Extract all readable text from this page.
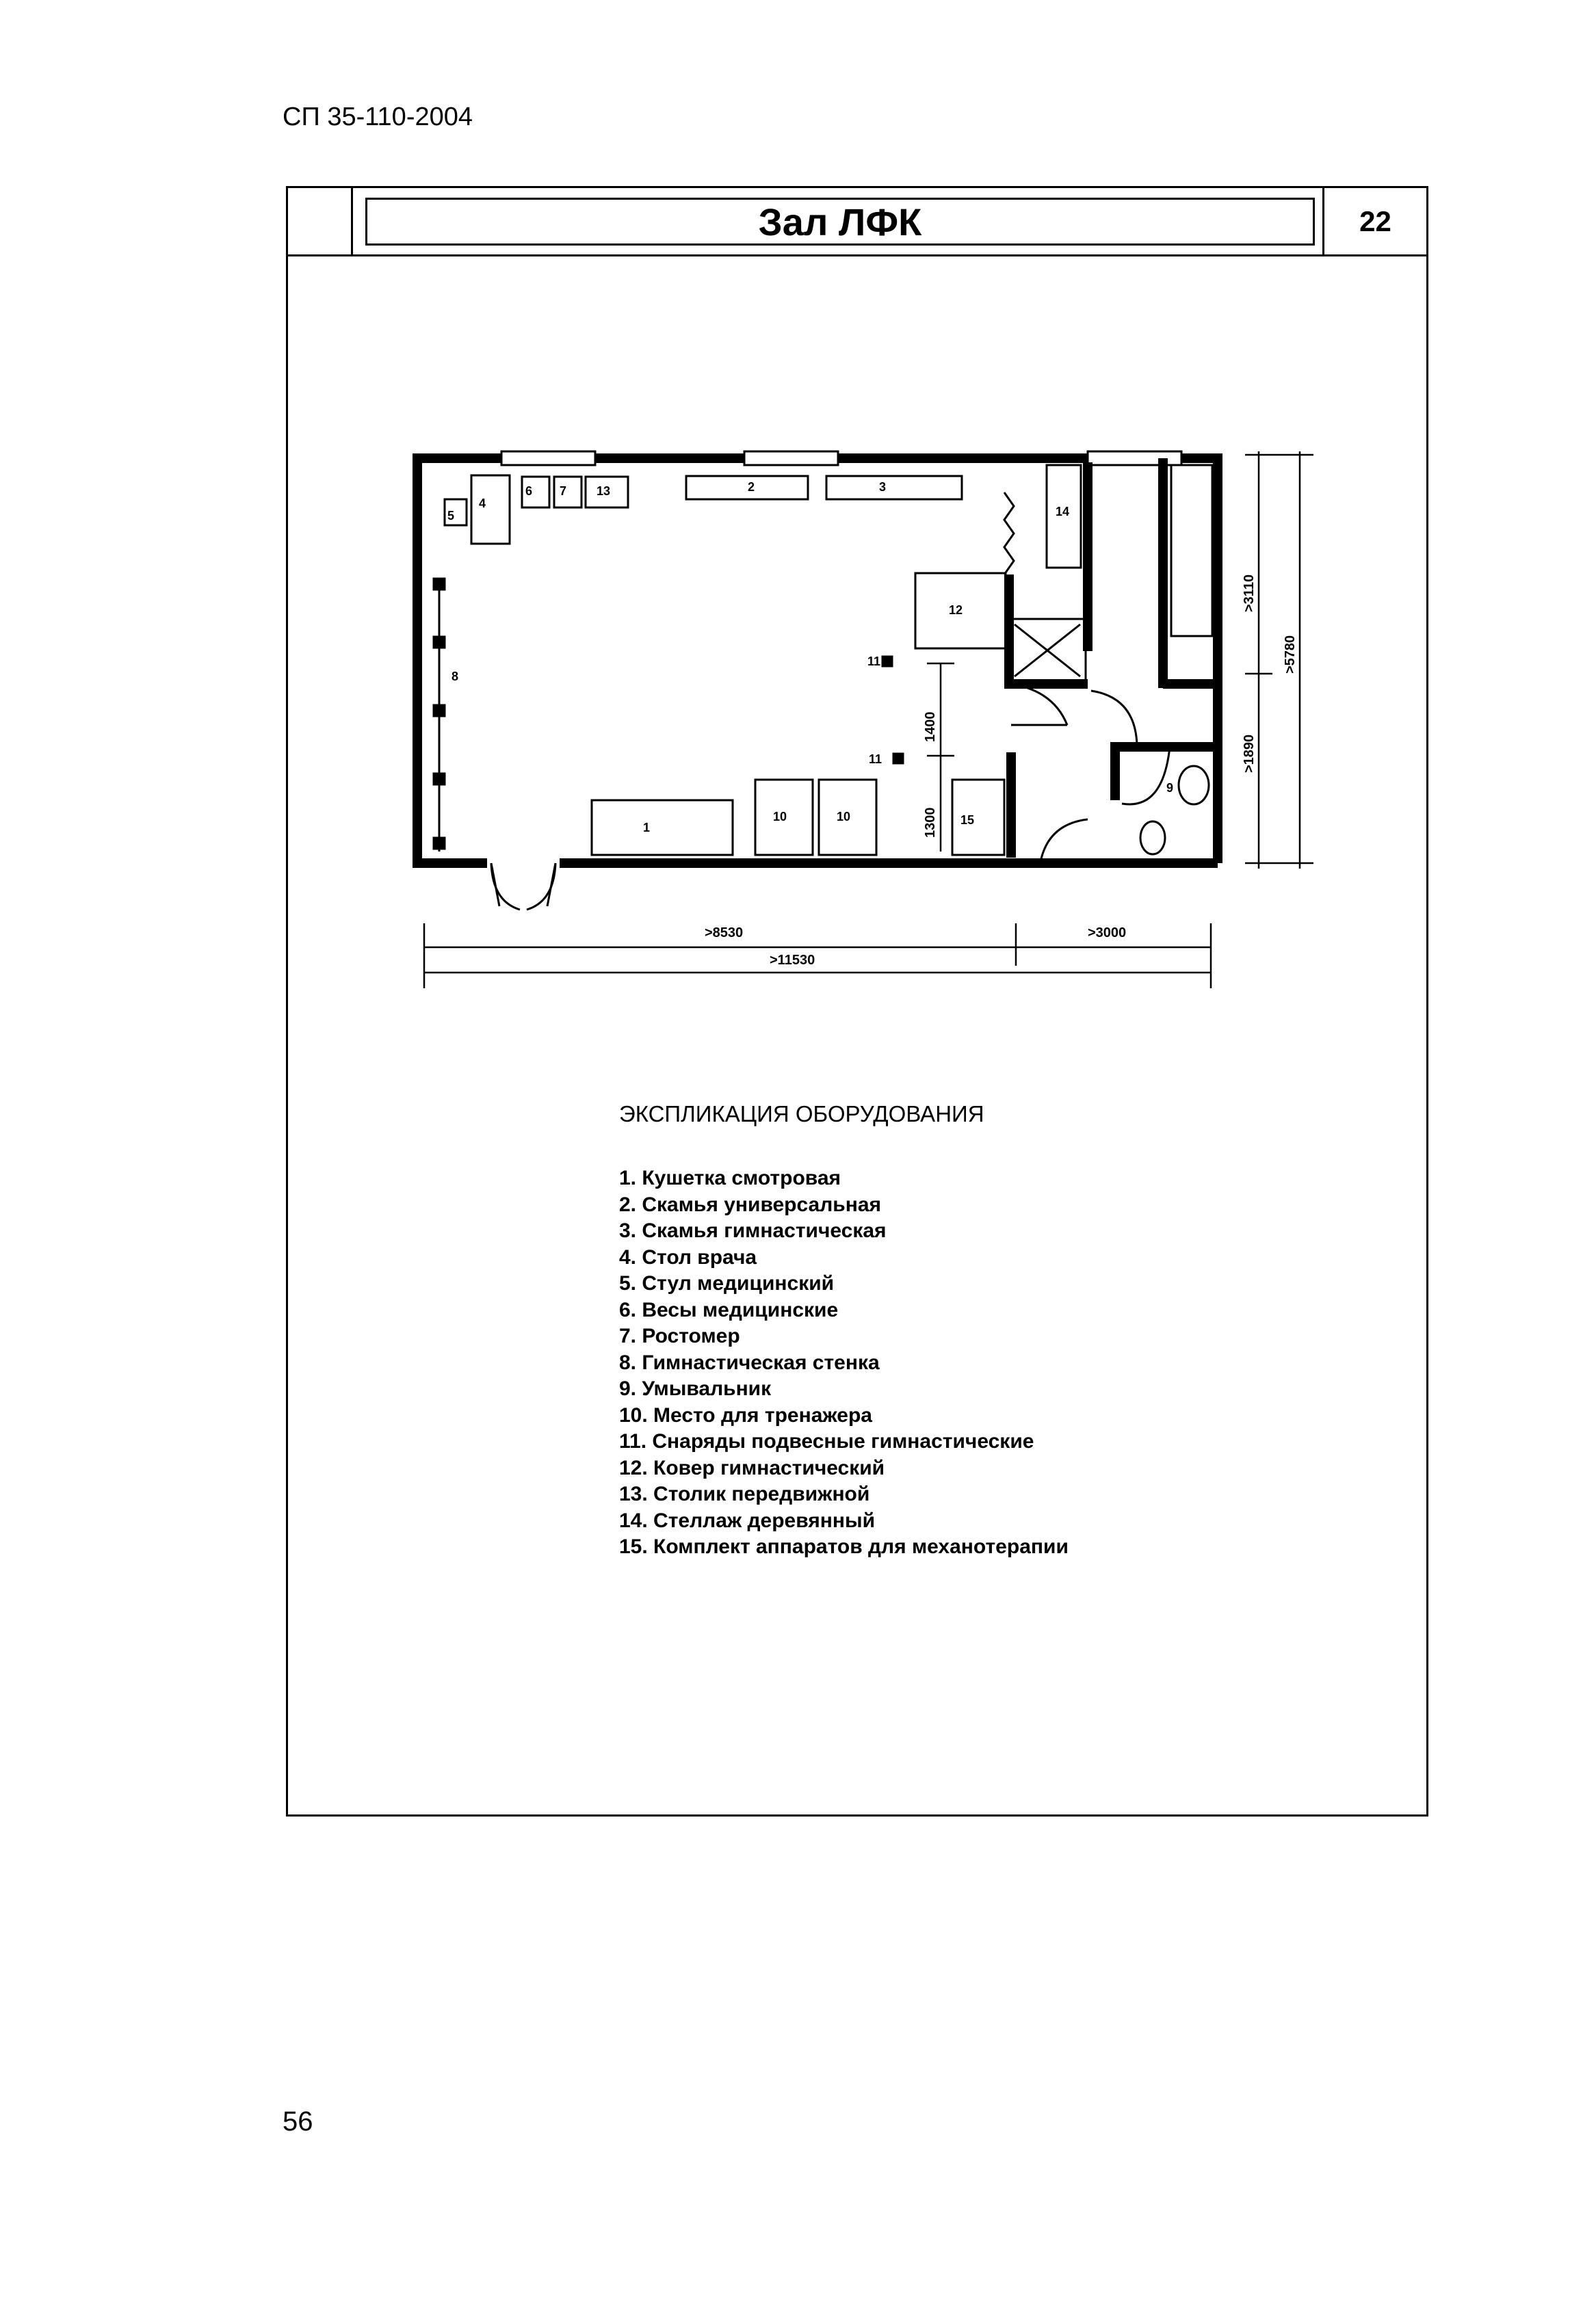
СП 35-110-2004
Зал ЛФК	22
5
4
6 7 13	2	3
14
12
8
11
11
1
10	10	15
9
>8530	>3000
>11530
>3110
>1890
>5780
1400
1300
ЭКСПЛИКАЦИЯ ОБОРУДОВАНИЯ
1. Кушетка смотровая
2. Скамья универсальная
3. Скамья гимнастическая
4. Стол врача
5. Стул медицинский
6. Весы медицинские
7. Ростомер
8. Гимнастическая стенка
9. Умывальник
10. Место для тренажера
11. Снаряды подвесные гимнастические
12. Ковер гимнастический
13. Столик передвижной
14. Стеллаж деревянный
15. Комплект аппаратов для механотерапии
56
